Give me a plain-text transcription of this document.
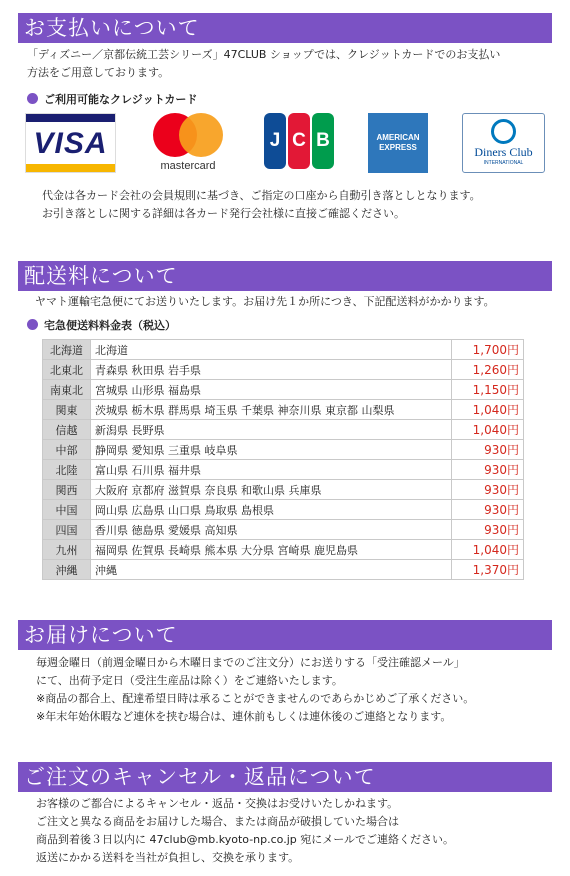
お支払いについて
「ディズニー／京都伝統工芸シリーズ」47CLUB ショップでは、クレジットカードでのお支払い
方法をご用意しております。
ご利用可能なクレジットカード
VISA
mastercard
J C B	AMERICAN
EXPRESS	Diners Club
INTERNATIONAL
代金は各カード会社の会員規則に基づき、ご指定の口座から自動引き落としとなります。
お引き落としに関する詳細は各カード発行会社様に直接ご確認ください。
配送料について
ヤマト運輸宅急便にてお送りいたします。お届け先１か所につき、下記配送料がかかります。
宅急便送料料金表（税込）
北海道	北海道	1,700円
北東北	青森県 秋田県 岩手県	1,260円
南東北	宮城県 山形県 福島県	1,150円
関東	茨城県 栃木県 群馬県 埼玉県 千葉県 神奈川県 東京都 山梨県	1,040円
信越	新潟県 長野県	1,040円
中部	静岡県 愛知県 三重県 岐阜県	930円
北陸	富山県 石川県 福井県	930円
関西	大阪府 京都府 滋賀県 奈良県 和歌山県 兵庫県	930円
中国	岡山県 広島県 山口県 鳥取県 島根県	930円
四国	香川県 徳島県 愛媛県 高知県	930円
九州	福岡県 佐賀県 長崎県 熊本県 大分県 宮崎県 鹿児島県	1,040円
沖縄	沖縄	1,370円
お届けについて
毎週金曜日（前週金曜日から木曜日までのご注文分）にお送りする「受注確認メール」
にて、出荷予定日（受注生産品は除く）をご連絡いたします。
※商品の都合上、配達希望日時は承ることができませんのであらかじめご了承ください。
※年末年始休暇など連休を挟む場合は、連休前もしくは連休後のご連絡となります。
ご注文のキャンセル・返品について
お客様のご都合によるキャンセル・返品・交換はお受けいたしかねます。
ご注文と異なる商品をお届けした場合、または商品が破損していた場合は
商品到着後３日以内に 47club@mb.kyoto-np.co.jp 宛にメールでご連絡ください。
返送にかかる送料を当社が負担し、交換を承ります。
